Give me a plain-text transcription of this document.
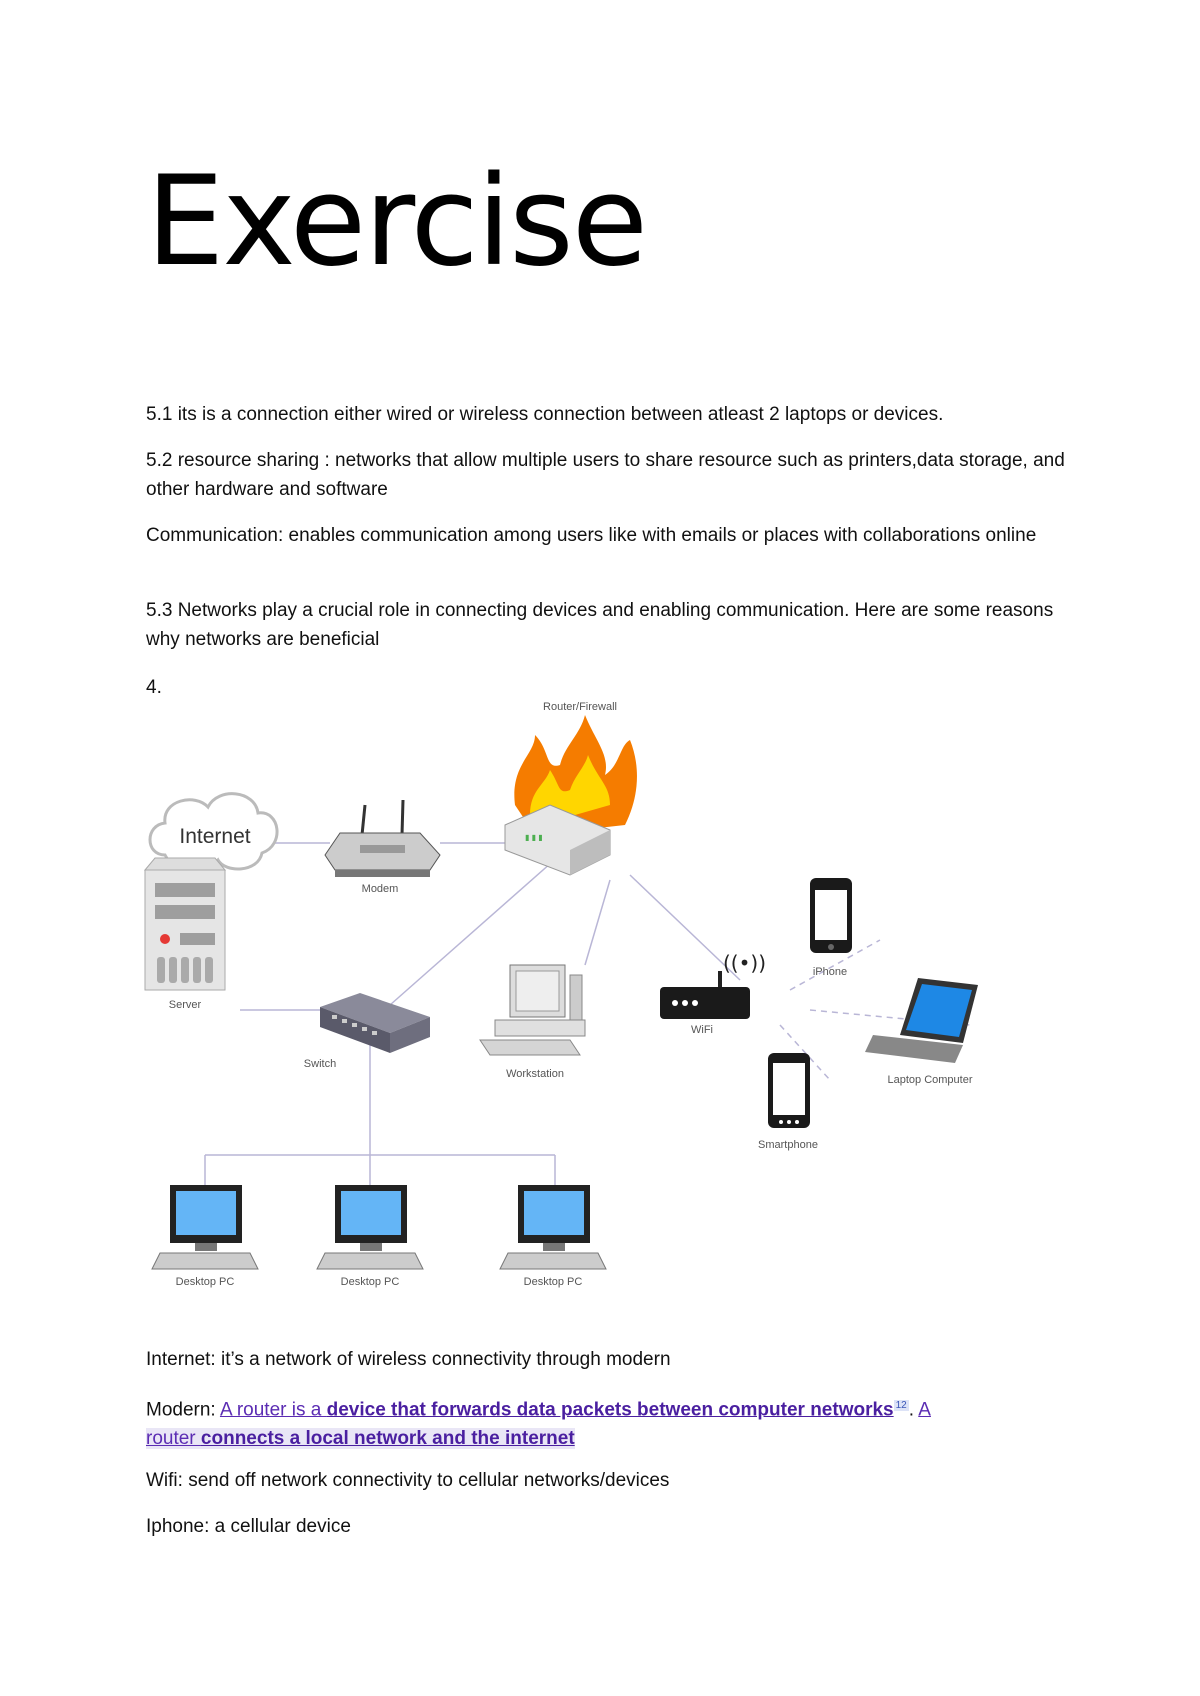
Exercise

5.1 its is a connection either wired or wireless connection between atleast 2 laptops or devices.

5.2 resource sharing : networks that allow multiple users to share resource such as printers,data storage, and other hardware and software

Communication: enables communication among users like with emails or places with collaborations online

5.3 Networks play a crucial role in connecting devices and enabling communication. Here are some reasons why networks are beneficial

4.

Internet
Modem
Router/Firewall
▮ ▮ ▮
Server
Switch
Workstation
((•))
WiFi
iPhone
Laptop Computer
Smartphone
Desktop PC	Desktop PC	Desktop PC

Internet: it’s a network of wireless connectivity through modern

Modern: A router is a device that forwards data packets between computer networks $^{12}$ . A
router connects a local network and the internet

Wifi: send off network connectivity to cellular networks/devices

Iphone: a cellular device
